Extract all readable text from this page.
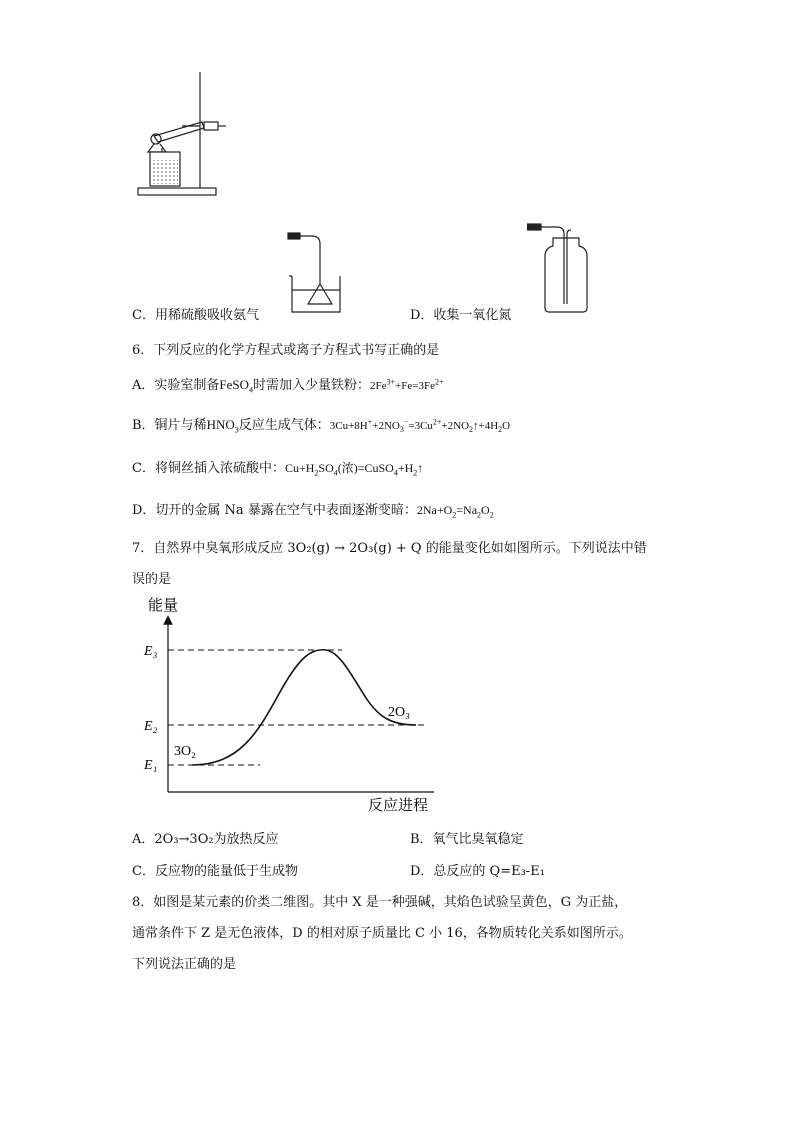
C．用稀硫酸吸收氨气	D．收集一氧化氮
6．下列反应的化学方程式或离子方程式书写正确的是
A．实验室制备FeSO$_4$时需加入少量铁粉：$2Fe^{3+}+Fe=3Fe^{2+}$
B．铜片与稀$HNO_3$反应生成气体：$3Cu+8H^++2NO_3^-=3Cu^{2+}+2NO_2↑+4H_2O$
C．将铜丝插入浓硫酸中：$Cu+H_2SO_4$(浓)$=CuSO_4+H_2↑$
D．切开的金属 Na 暴露在空气中表面逐渐变暗：$2Na+O_2=Na_2O_2$
7．自然界中臭氧形成反应 3O₂(g) → 2O₃(g) + Q 的能量变化如如图所示。下列说法中错
误的是
能量
反应进程
E₃
E₂
E₁
3O₂
2O₃
A．2O₃→3O₂为放热反应	B．氧气比臭氧稳定
C．反应物的能量低于生成物	D．总反应的 Q=E₃-E₁
8．如图是某元素的价类二维图。其中 X 是一种强碱，其焰色试验呈黄色，G 为正盐，
通常条件下 Z 是无色液体，D 的相对原子质量比 C 小 16，各物质转化关系如图所示。
下列说法正确的是
